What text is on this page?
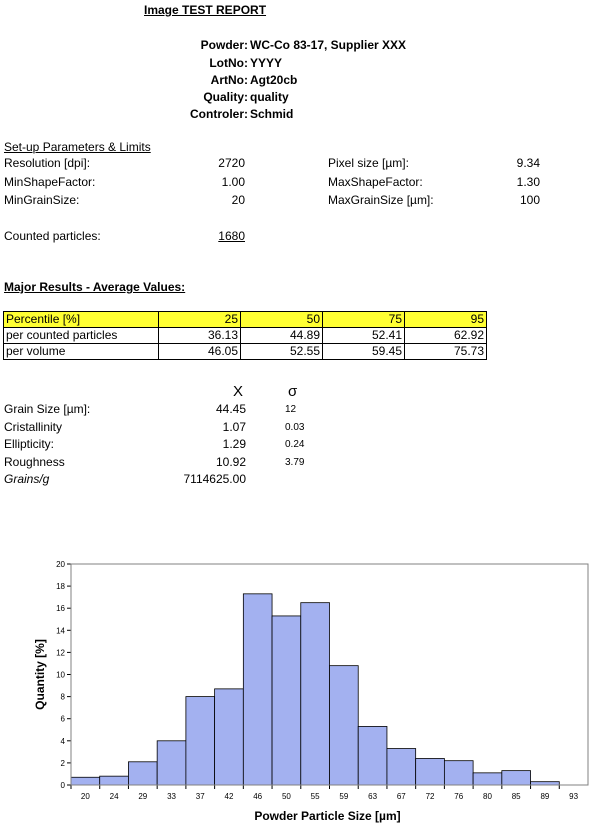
Image TEST REPORT
Powder: WC-Co 83-17, Supplier XXX
LotNo: YYYY
ArtNo: Agt20cb
Quality: quality
Controler: Schmid
Set-up Parameters & Limits
Resolution [dpi]:	2720
MinShapeFactor:	1.00
MinGrainSize:	20
Pixel size [µm]:	9.34
MaxShapeFactor:	1.30
MaxGrainSize [µm]:	100
Counted particles:	1680
Major Results - Average Values:
Percentile [%]	25	50	75	95
per counted particles	36.13	44.89	52.41	62.92
per volume	46.05	52.55	59.45	75.73
X	σ
Grain Size [µm]:	44.45	12
Cristallinity	1.07	0.03
Ellipticity:	1.29	0.24
Roughness	10.92	3.79
Grains/g	7114625.00
0
2
4
6
8
10
12
14
16
18
20
20 24 29 33 37 42 46 50 55 59 63 67 72 76 80 85 89 93
Quantity [%]
Powder Particle Size [µm]
